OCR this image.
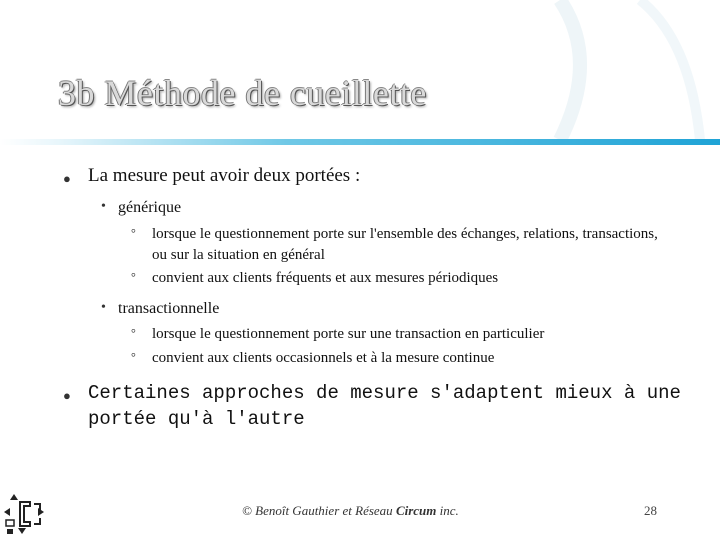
3b Méthode de cueillette
● La mesure peut avoir deux portées :
• générique
° lorsque le questionnement porte sur l'ensemble des échanges, relations, transactions, ou sur la situation en général
° convient aux clients fréquents et aux mesures périodiques
• transactionnelle
° lorsque le questionnement porte sur une transaction en particulier
° convient aux clients occasionnels et à la mesure continue
● Certaines approches de mesure s'adaptent mieux à une portée qu'à l'autre
© Benoît Gauthier et Réseau Circum inc.	28
